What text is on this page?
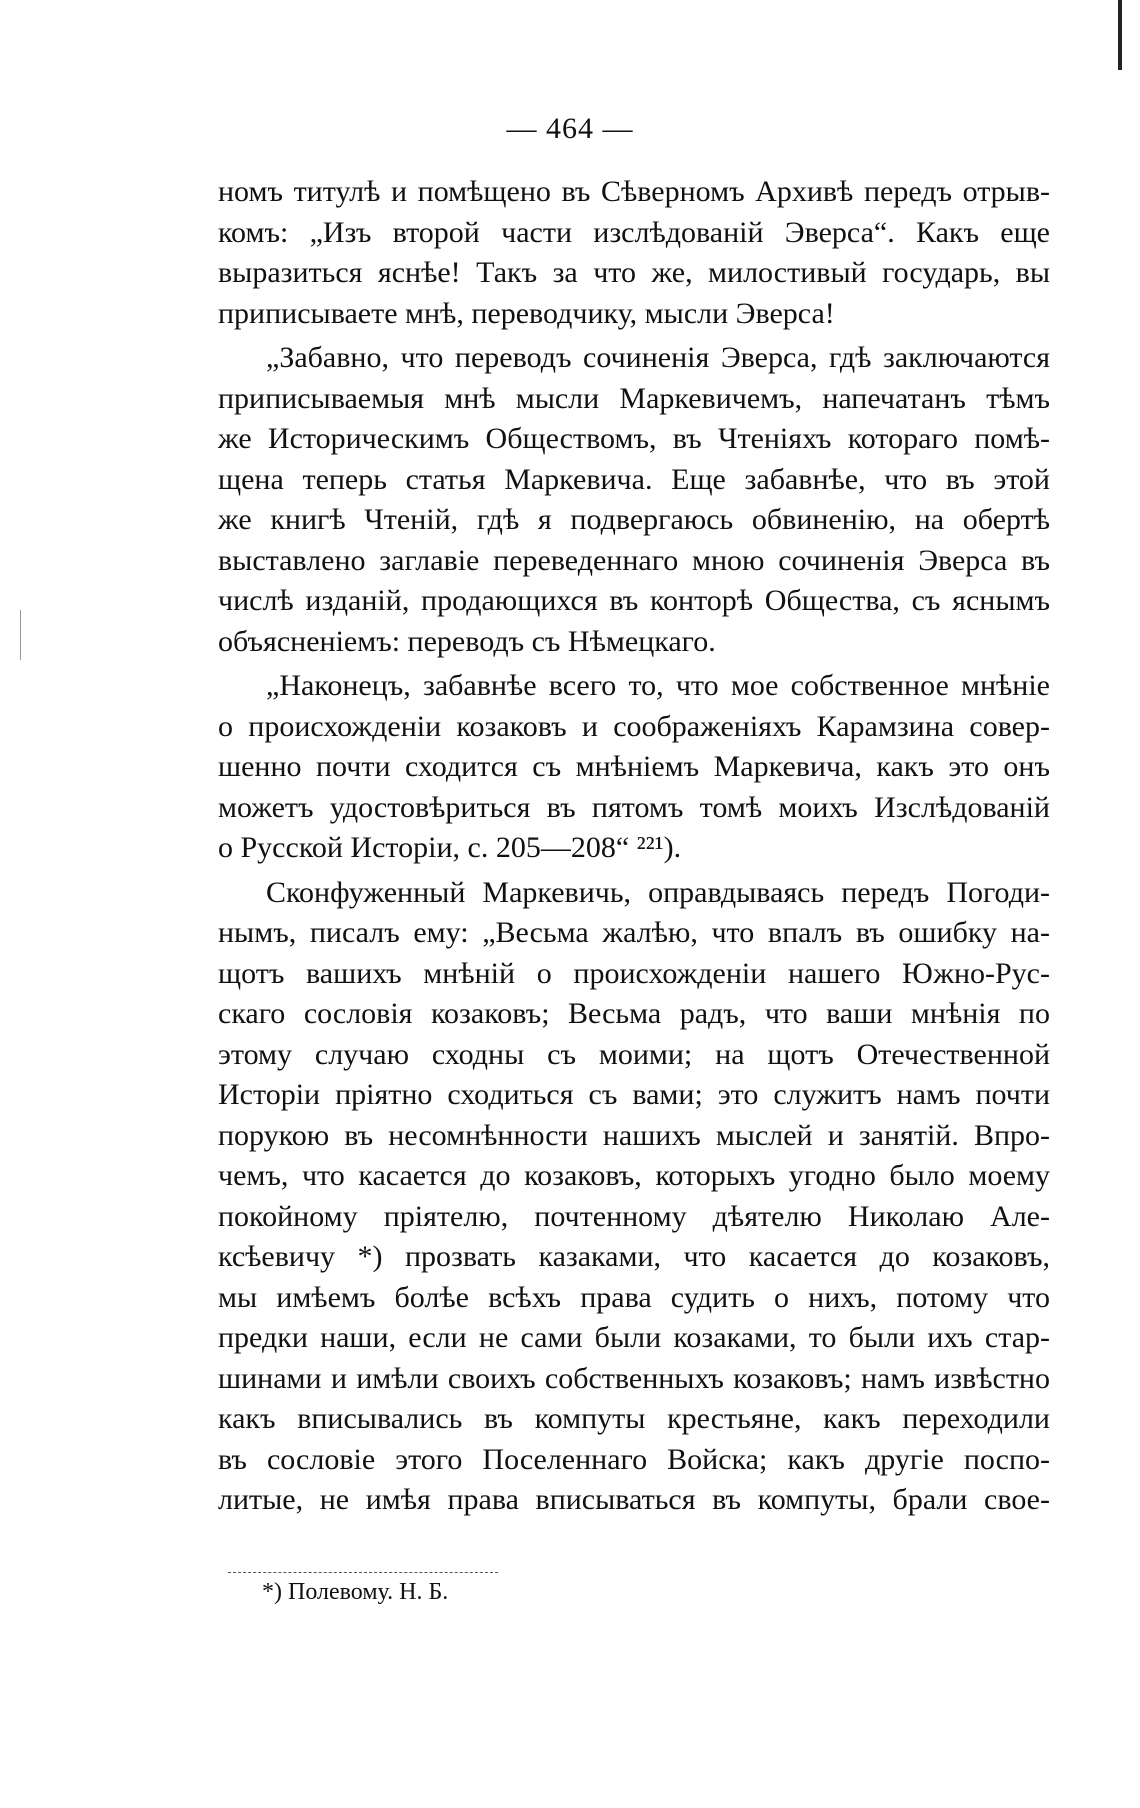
— 464 —
номъ титулѣ и помѣщено въ Сѣверномъ Архивѣ передъ отрыв-
комъ: „Изъ второй части изслѣдованій Эверса“. Какъ еще
выразиться яснѣе! Такъ за что же, милостивый государь, вы
приписываете мнѣ, переводчику, мысли Эверса!
„Забавно, что переводъ сочиненія Эверса, гдѣ заключаются
приписываемыя мнѣ мысли Маркевичемъ, напечатанъ тѣмъ
же Историческимъ Обществомъ, въ Чтеніяхъ котораго помѣ-
щена теперь статья Маркевича. Еще забавнѣе, что въ этой
же книгѣ Чтеній, гдѣ я подвергаюсь обвиненію, на обертѣ
выставлено заглавіе переведеннаго мною сочиненія Эверса въ
числѣ изданій, продающихся въ конторѣ Общества, съ яснымъ
объясненіемъ: переводъ съ Нѣмецкаго.
„Наконецъ, забавнѣе всего то, что мое собственное мнѣніе
о происхожденіи козаковъ и соображеніяхъ Карамзина совер-
шенно почти сходится съ мнѣніемъ Маркевича, какъ это онъ
можетъ удостовѣриться въ пятомъ томѣ моихъ Изслѣдованій
о Русской Исторіи, с. 205—208“ ²²¹).
Сконфуженный Маркевичь, оправдываясь передъ Погоди-
нымъ, писалъ ему: „Весьма жалѣю, что впалъ въ ошибку на-
щотъ вашихъ мнѣній о происхожденіи нашего Южно-Рус-
скаго сословія козаковъ; Весьма радъ, что ваши мнѣнія по
этому случаю сходны съ моими; на щотъ Отечественной
Исторіи пріятно сходиться съ вами; это служитъ намъ почти
порукою въ несомнѣнности нашихъ мыслей и занятій. Впро-
чемъ, что касается до козаковъ, которыхъ угодно было моему
покойному пріятелю, почтенному дѣятелю Николаю Але-
ксѣевичу *) прозвать казаками, что касается до козаковъ,
мы имѣемъ болѣе всѣхъ права судить о нихъ, потому что
предки наши, если не сами были козаками, то были ихъ стар-
шинами и имѣли своихъ собственныхъ козаковъ; намъ извѣстно
какъ вписывались въ компуты крестьяне, какъ переходили
въ сословіе этого Поселеннаго Войска; какъ другіе поспо-
литые, не имѣя права вписываться въ компуты, брали свое-
*) Полевому. Н. Б.
